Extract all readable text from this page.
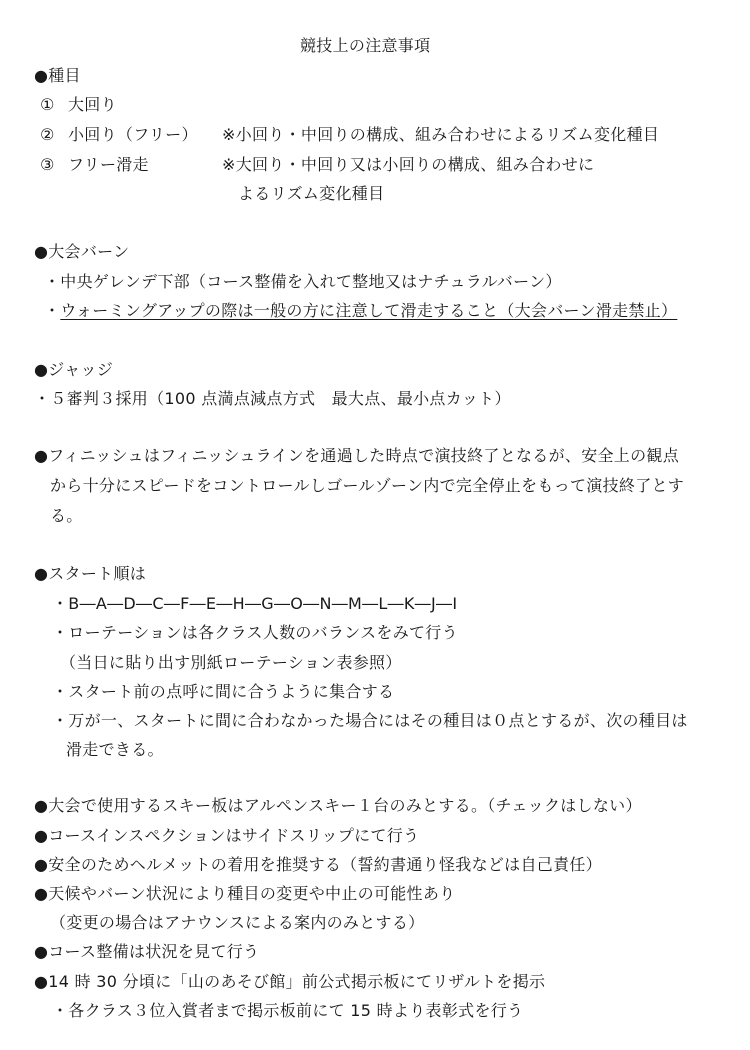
競技上の注意事項
●種目
① 大回り
② 小回り（フリー） ※小回り・中回りの構成、組み合わせによるリズム変化種目
③ フリー滑走	※大回り・中回り又は小回りの構成、組み合わせに
よるリズム変化種目
●大会バーン
・中央ゲレンデ下部（コース整備を入れて整地又はナチュラルバーン）
・ウォーミングアップの際は一般の方に注意して滑走すること（大会バーン滑走禁止）
●ジャッジ
・５審判３採用（100 点満点減点方式　最大点、最小点カット）
●フィニッシュはフィニッシュラインを通過した時点で演技終了となるが、安全上の観点
から十分にスピードをコントロールしゴールゾーン内で完全停止をもって演技終了とす
る。
●スタート順は
・B―A―D―C―F―E―H―G―O―N―M―L―K―J―I
・ローテーションは各クラス人数のバランスをみて行う
（当日に貼り出す別紙ローテーション表参照）
・スタート前の点呼に間に合うように集合する
・万が一、スタートに間に合わなかった場合にはその種目は０点とするが、次の種目は
滑走できる。
●大会で使用するスキー板はアルペンスキー１台のみとする。（チェックはしない）
●コースインスペクションはサイドスリップにて行う
●安全のためヘルメットの着用を推奨する（誓約書通り怪我などは自己責任）
●天候やバーン状況により種目の変更や中止の可能性あり
（変更の場合はアナウンスによる案内のみとする）
●コース整備は状況を見て行う
●14 時 30 分頃に「山のあそび館」前公式掲示板にてリザルトを掲示
・各クラス３位入賞者まで掲示板前にて 15 時より表彰式を行う
